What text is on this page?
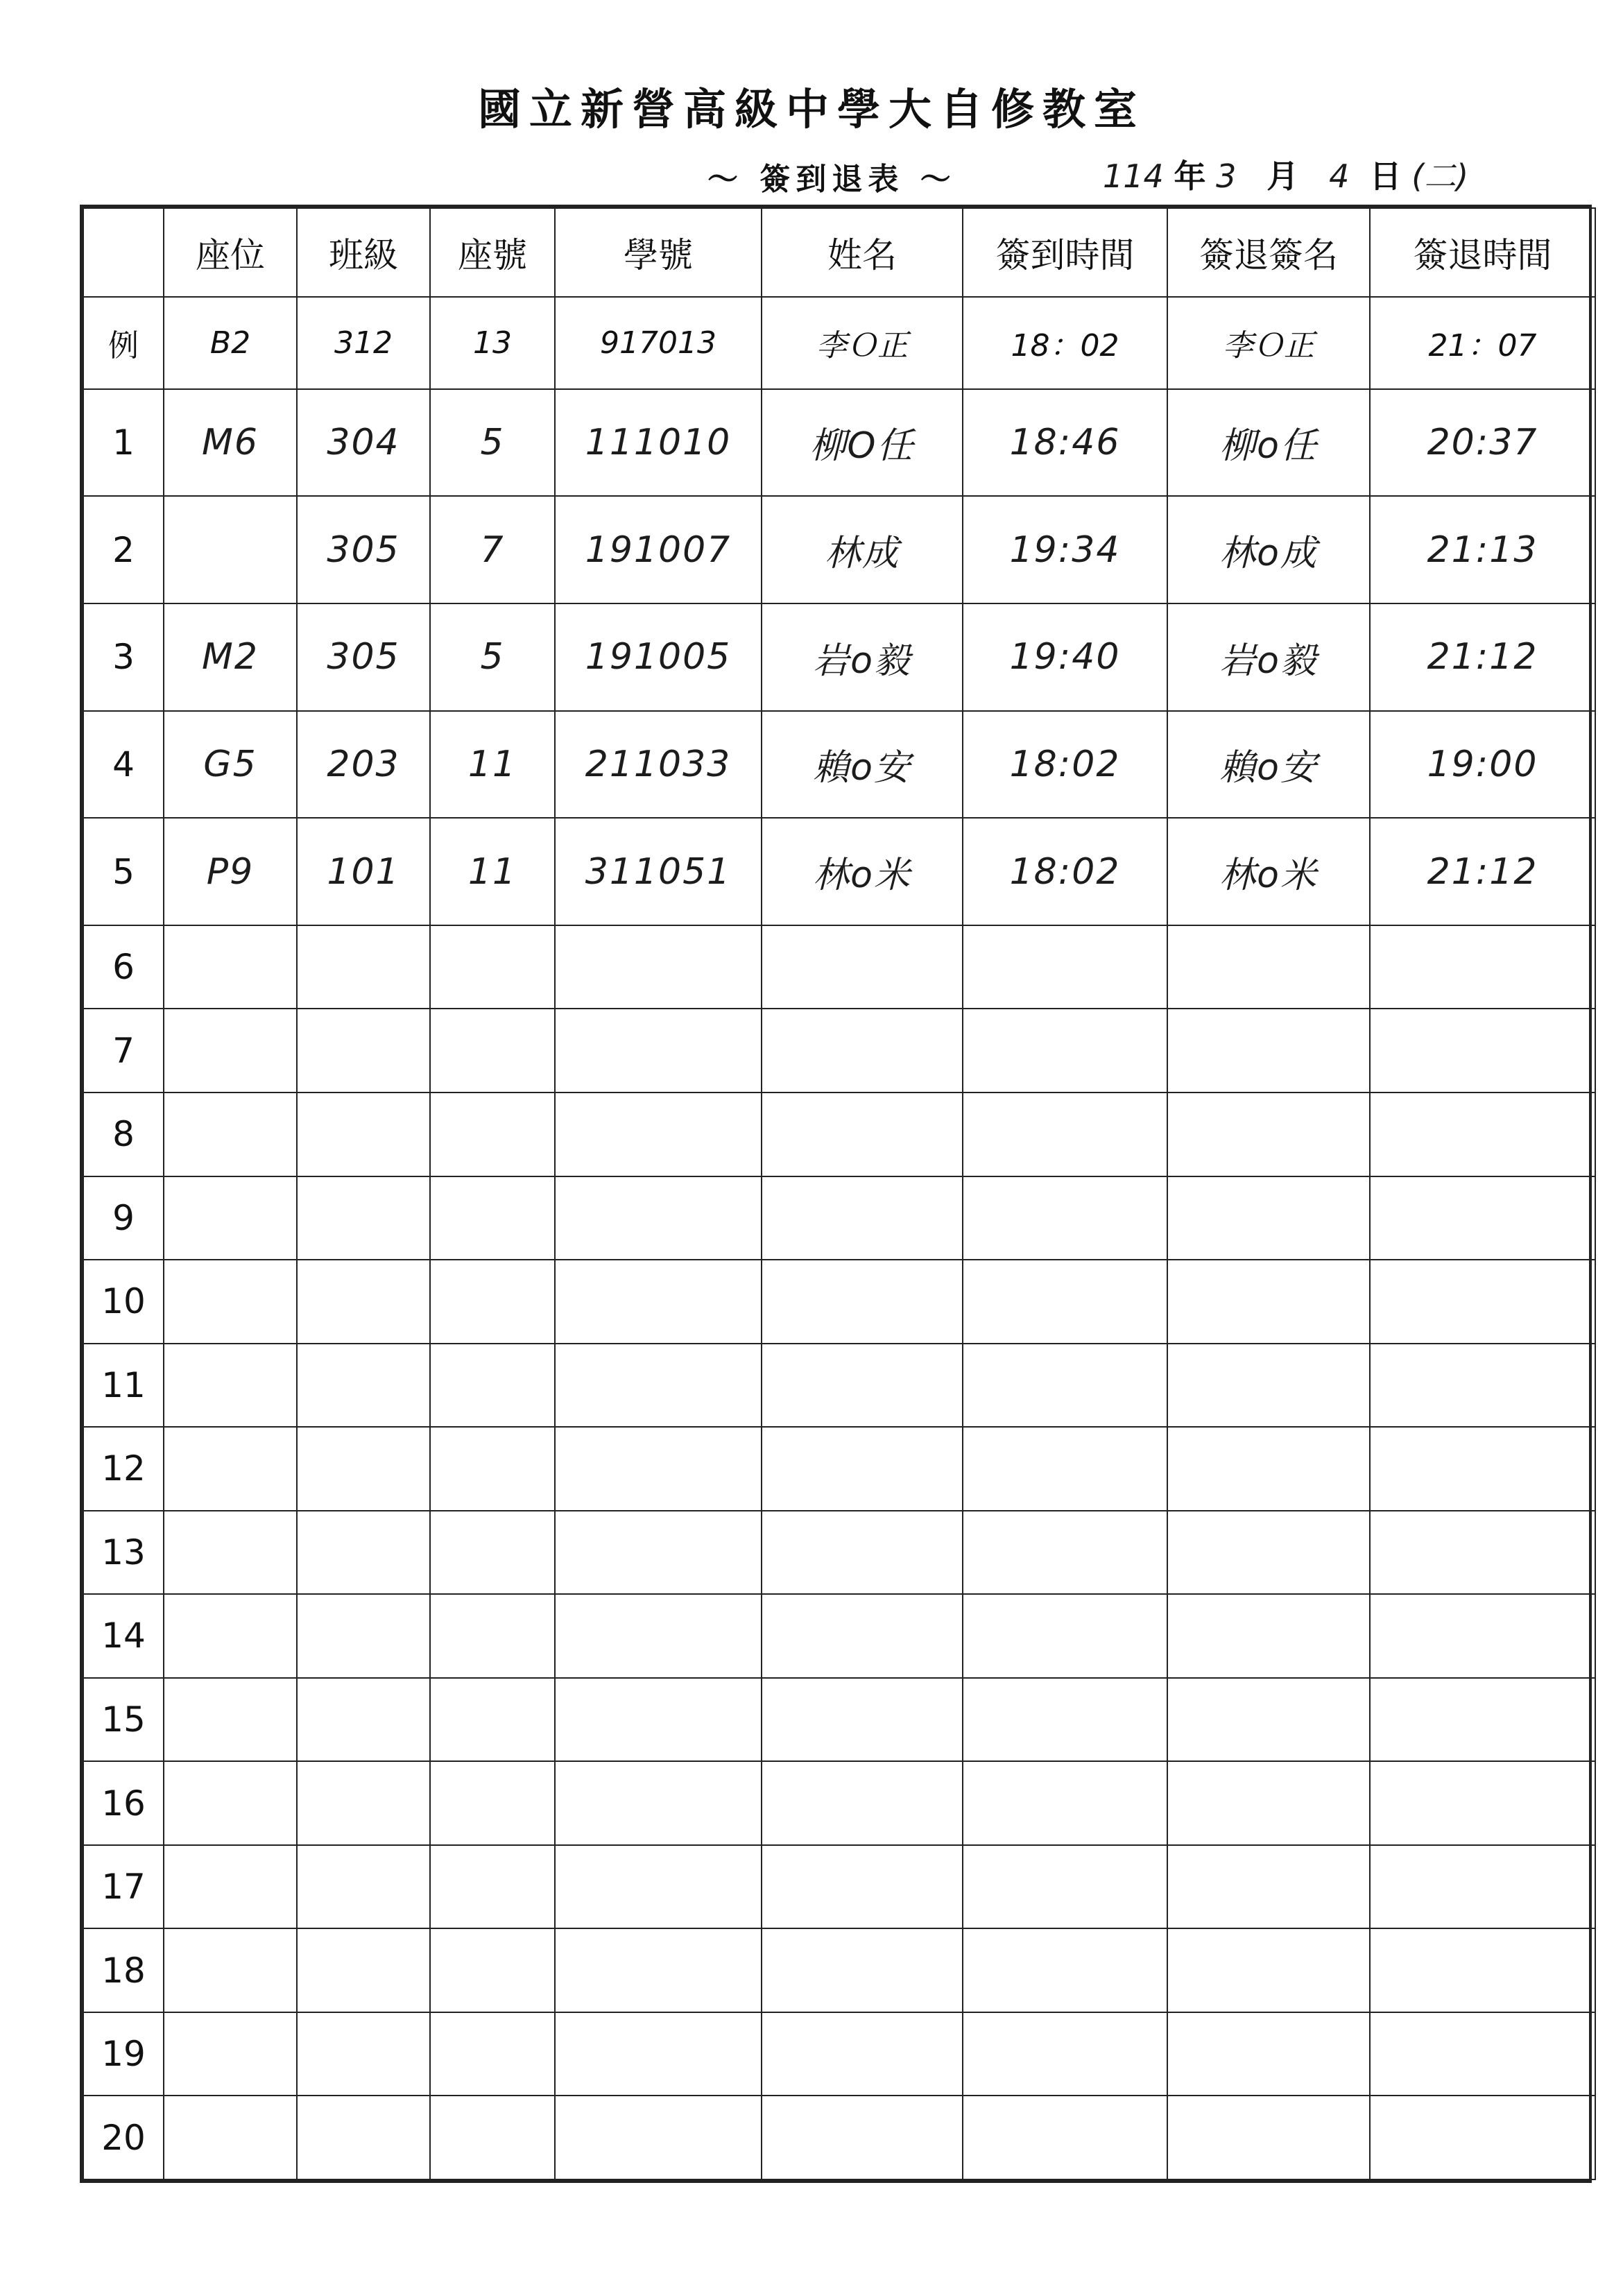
國立新營高級中學大自修教室
～ 簽到退表 ～	114 年 3 月 4 日 (二)
	座位	班級	座號	學號	姓名	簽到時間	簽退簽名	簽退時間
例	B2	312	13	917013	李Ｏ正	18：02	李Ｏ正	21：07
1	M6	304	5	111010	柳O任	18:46	柳o任	20:37
2		305	7	191007	林成	19:34	林o成	21:13
3	M2	305	5	191005	岩o毅	19:40	岩o毅	21:12
4	G5	203	11	211033	賴o安	18:02	賴o安	19:00
5	P9	101	11	311051	林o米	18:02	林o米	21:12
6								
7								
8								
9								
10								
11								
12								
13								
14								
15								
16								
17								
18								
19								
20								
